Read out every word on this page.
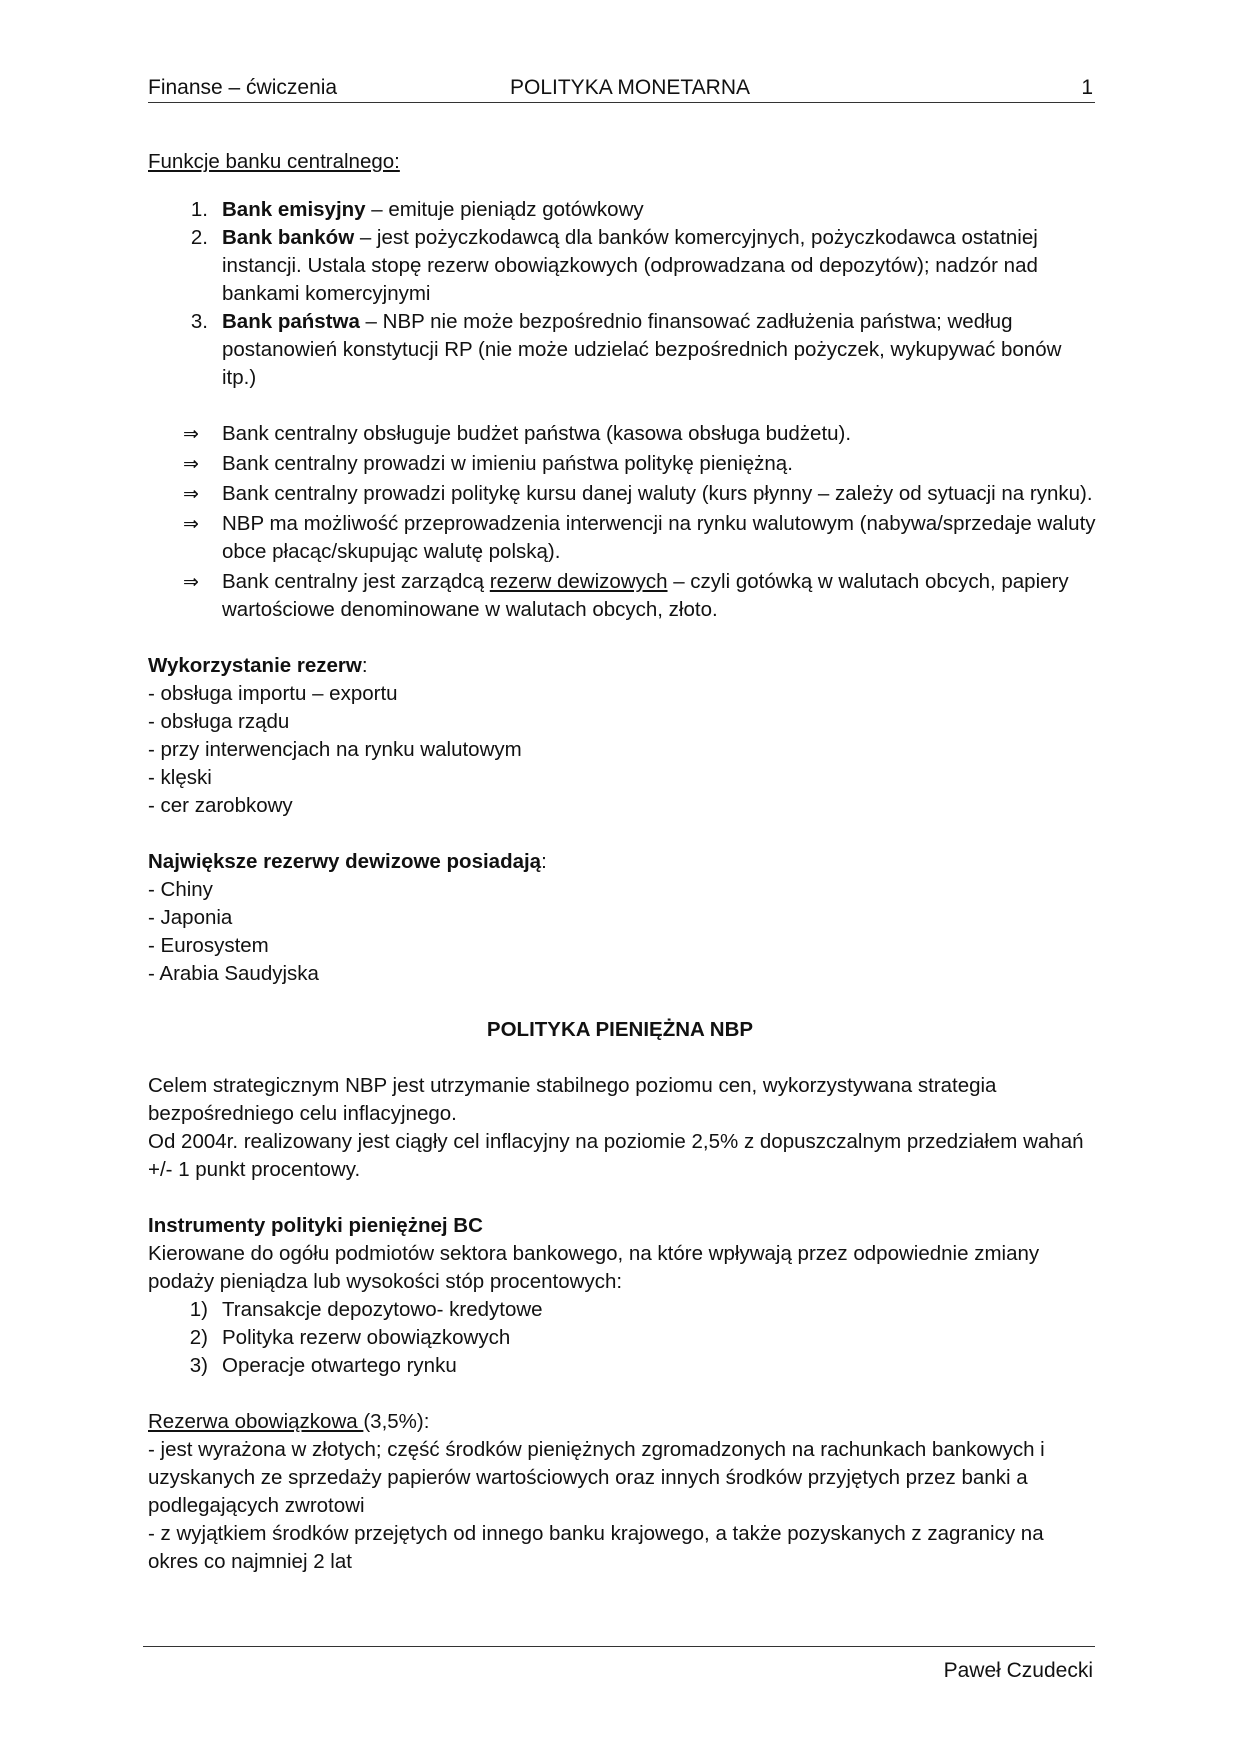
Finanse – ćwiczenia	POLITYKA MONETARNA	1

Funkcje banku centralnego:

1. Bank emisyjny – emituje pieniądz gotówkowy
2. Bank banków – jest pożyczkodawcą dla banków komercyjnych, pożyczkodawca ostatniej instancji. Ustala stopę rezerw obowiązkowych (odprowadzana od depozytów); nadzór nad bankami komercyjnymi
3. Bank państwa – NBP nie może bezpośrednio finansować zadłużenia państwa; według postanowień konstytucji RP (nie może udzielać bezpośrednich pożyczek, wykupywać bonów itp.)
⇒	Bank centralny obsługuje budżet państwa (kasowa obsługa budżetu).
⇒	Bank centralny prowadzi w imieniu państwa politykę pieniężną.
⇒	Bank centralny prowadzi politykę kursu danej waluty (kurs płynny – zależy od sytuacji na rynku).
⇒	NBP ma możliwość przeprowadzenia interwencji na rynku walutowym (nabywa/sprzedaje waluty obce płacąc/skupując walutę polską).
⇒	Bank centralny jest zarządcą rezerw dewizowych – czyli gotówką w walutach obcych, papiery wartościowe denominowane w walutach obcych, złoto.

Wykorzystanie rezerw:

- obsługa importu – exportu

- obsługa rządu

- przy interwencjach na rynku walutowym

- klęski

- cer zarobkowy

Największe rezerwy dewizowe posiadają:

- Chiny

- Japonia

- Eurosystem

- Arabia Saudyjska

POLITYKA PIENIĘŻNA NBP

Celem strategicznym NBP jest utrzymanie stabilnego poziomu cen, wykorzystywana strategia bezpośredniego celu inflacyjnego.

Od 2004r. realizowany jest ciągły cel inflacyjny na poziomie 2,5% z dopuszczalnym przedziałem wahań +/- 1 punkt procentowy.

Instrumenty polityki pieniężnej BC

Kierowane do ogółu podmiotów sektora bankowego, na które wpływają przez odpowiednie zmiany podaży pieniądza lub wysokości stóp procentowych:

1) Transakcje depozytowo- kredytowe
2) Polityka rezerw obowiązkowych
3) Operacje otwartego rynku

Rezerwa obowiązkowa (3,5%):

- jest wyrażona w złotych; część środków pieniężnych zgromadzonych na rachunkach bankowych i uzyskanych ze sprzedaży papierów wartościowych oraz innych środków przyjętych przez banki a podlegających zwrotowi

- z wyjątkiem środków przejętych od innego banku krajowego, a także pozyskanych z zagranicy na okres co najmniej 2 lat

Paweł Czudecki
